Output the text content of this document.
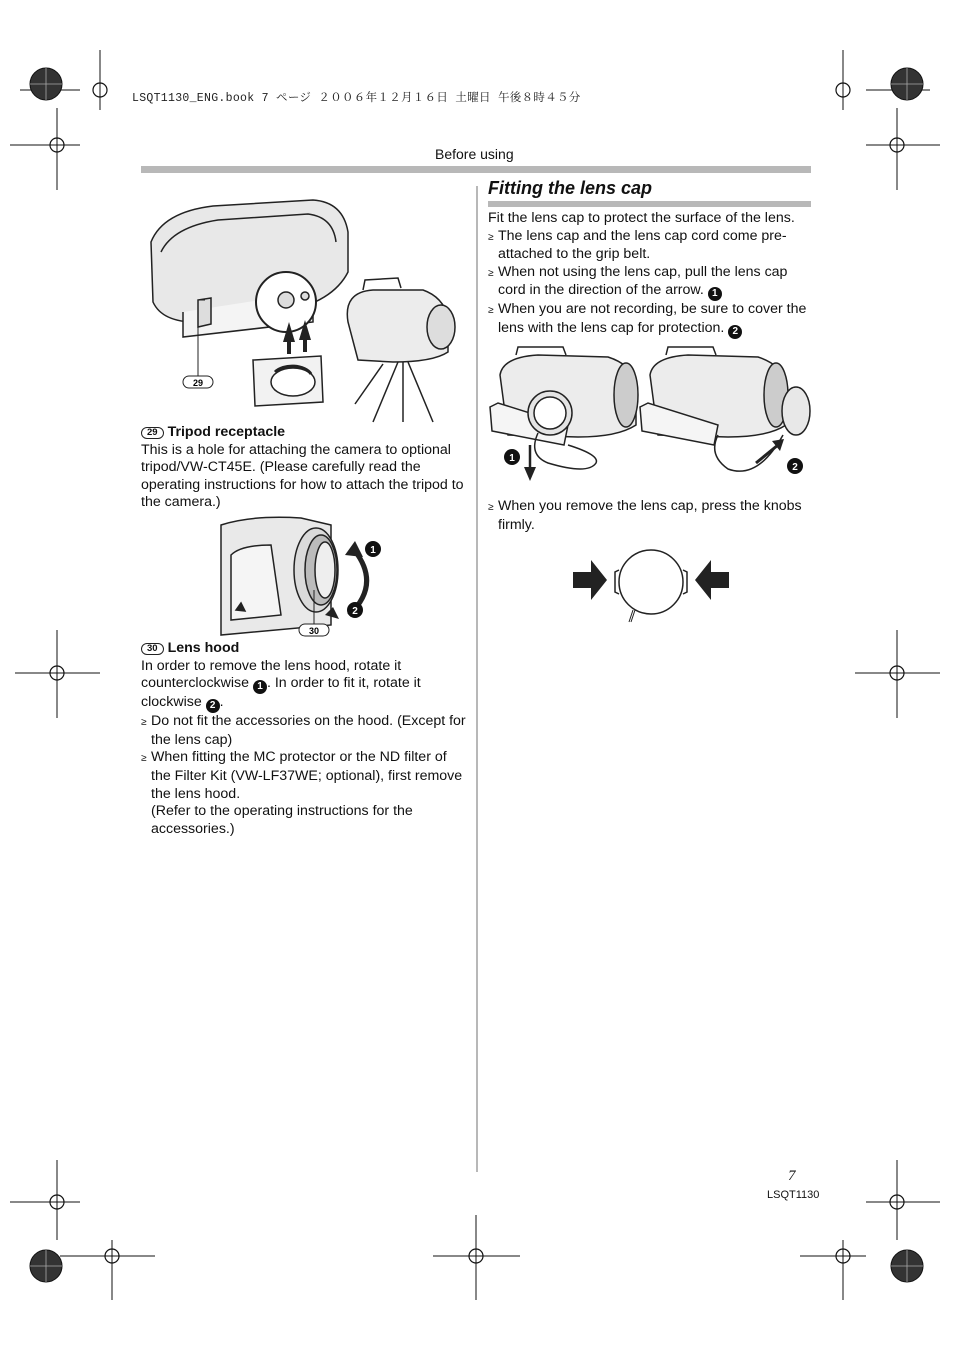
LSQT1130_ENG.book 7 ページ ２００６年１２月１６日 土曜日 午後８時４５分
Before using
29

29 Tripod receptacle

This is a hole for attaching the camera to optional tripod/VW-CT45E. (Please carefully read the operating instructions for how to attach the tripod to the camera.)

1
2
30

30 Lens hood

In order to remove the lens hood, rotate it counterclockwise 1 . In order to fit it, rotate it clockwise 2 .

≥ Do not fit the accessories on the hood. (Except for the lens cap)

≥ When fitting the MC protector or the ND filter of the Filter Kit (VW-LF37WE; optional), first remove the lens hood.
(Refer to the operating instructions for the accessories.)

Fitting the lens cap

Fit the lens cap to protect the surface of the lens.

≥ The lens cap and the lens cap cord come pre-attached to the grip belt.

≥ When not using the lens cap, pull the lens cap cord in the direction of the arrow. 1

≥ When you are not recording, be sure to cover the lens with the lens cap for protection. 2

1
2

≥ When you remove the lens cap, press the knobs firmly.

7
LSQT1130
